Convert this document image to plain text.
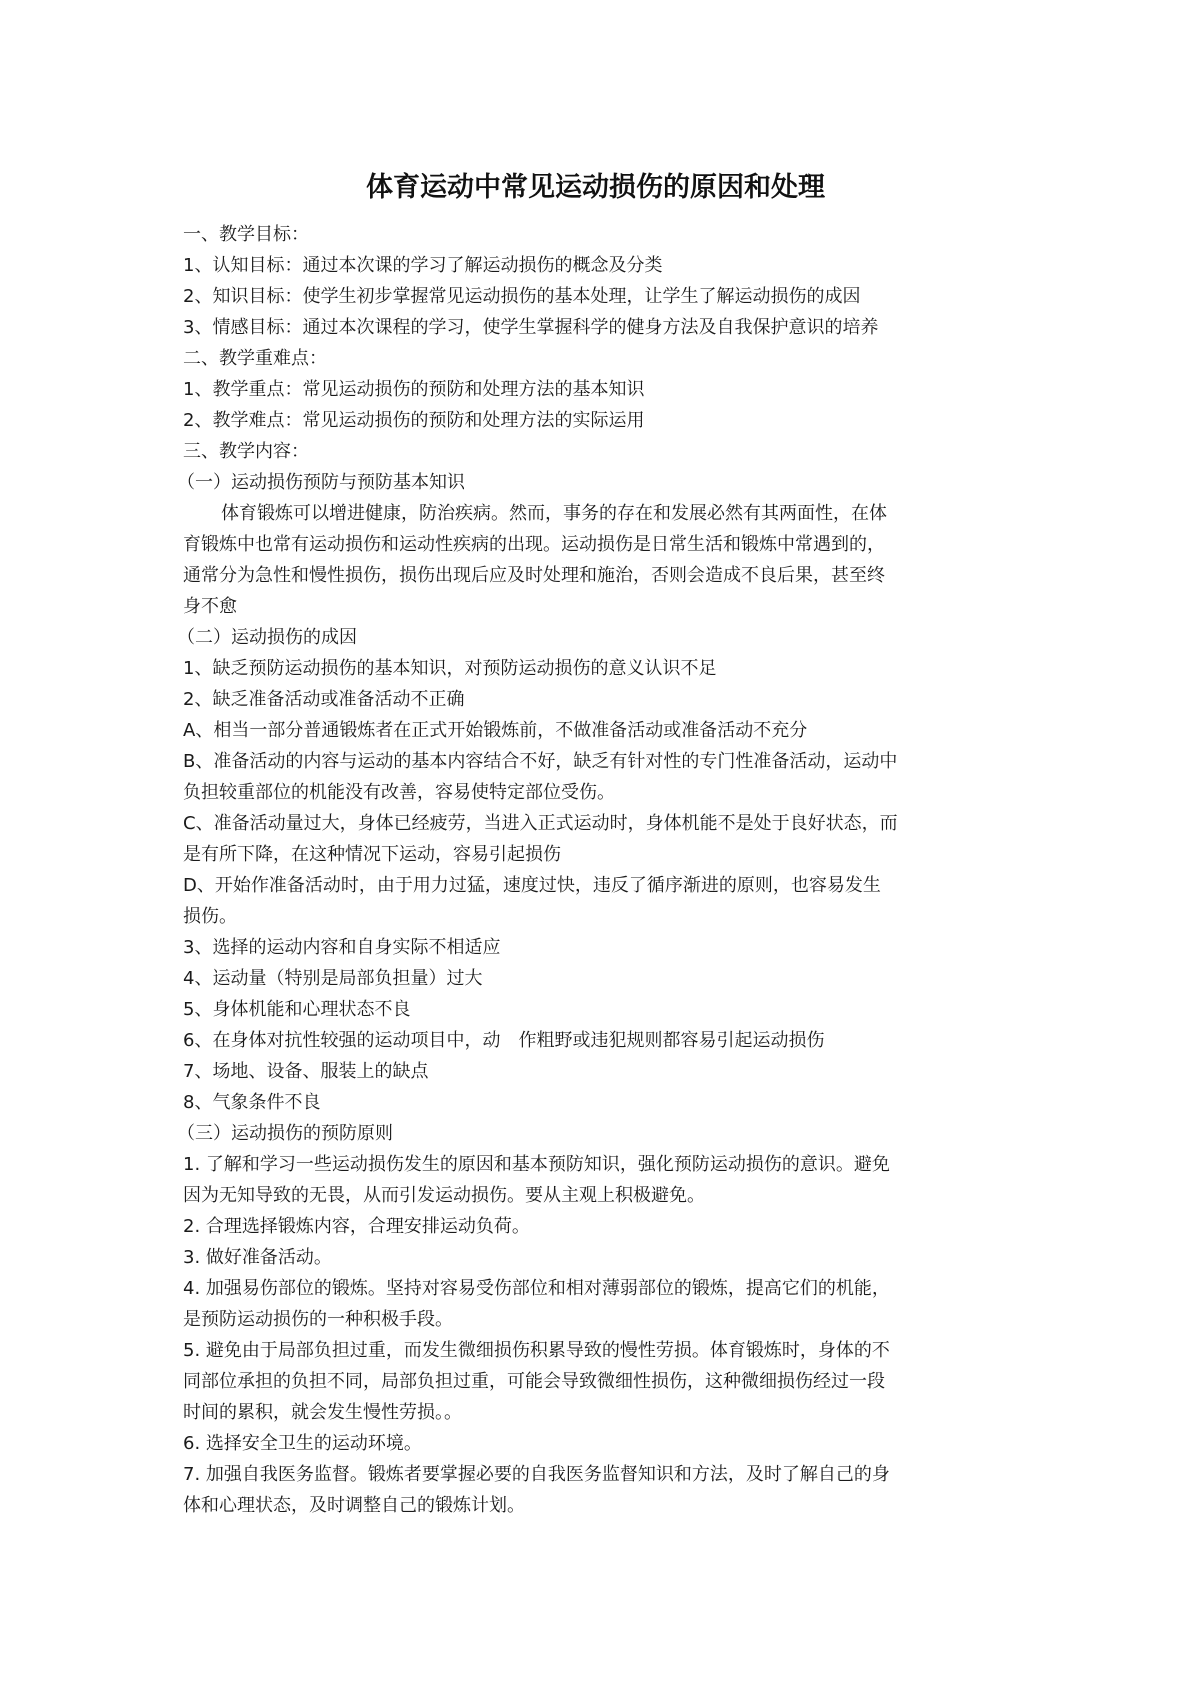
体育运动中常见运动损伤的原因和处理

一、教学目标：

1、认知目标：通过本次课的学习了解运动损伤的概念及分类

2、知识目标：使学生初步掌握常见运动损伤的基本处理，让学生了解运动损伤的成因

3、情感目标：通过本次课程的学习，使学生掌握科学的健身方法及自我保护意识的培养

二、教学重难点：

1、教学重点：常见运动损伤的预防和处理方法的基本知识

2、教学难点：常见运动损伤的预防和处理方法的实际运用

三、教学内容：

（一）运动损伤预防与预防基本知识

体育锻炼可以增进健康，防治疾病。然而，事务的存在和发展必然有其两面性，在体

育锻炼中也常有运动损伤和运动性疾病的出现。运动损伤是日常生活和锻炼中常遇到的，

通常分为急性和慢性损伤，损伤出现后应及时处理和施治，否则会造成不良后果，甚至终

身不愈

（二）运动损伤的成因

1、缺乏预防运动损伤的基本知识，对预防运动损伤的意义认识不足

2、缺乏准备活动或准备活动不正确

A、相当一部分普通锻炼者在正式开始锻炼前，不做准备活动或准备活动不充分

B、准备活动的内容与运动的基本内容结合不好，缺乏有针对性的专门性准备活动，运动中

负担较重部位的机能没有改善，容易使特定部位受伤。

C、准备活动量过大，身体已经疲劳，当进入正式运动时，身体机能不是处于良好状态，而

是有所下降，在这种情况下运动，容易引起损伤

D、开始作准备活动时，由于用力过猛，速度过快，违反了循序渐进的原则，也容易发生

损伤。

3、选择的运动内容和自身实际不相适应

4、运动量（特别是局部负担量）过大

5、身体机能和心理状态不良

6、在身体对抗性较强的运动项目中，动　作粗野或违犯规则都容易引起运动损伤

7、场地、设备、服装上的缺点

8、气象条件不良

（三）运动损伤的预防原则

1. 了解和学习一些运动损伤发生的原因和基本预防知识，强化预防运动损伤的意识。避免

因为无知导致的无畏，从而引发运动损伤。要从主观上积极避免。

2. 合理选择锻炼内容，合理安排运动负荷。

3. 做好准备活动。

4. 加强易伤部位的锻炼。坚持对容易受伤部位和相对薄弱部位的锻炼，提高它们的机能，

是预防运动损伤的一种积极手段。

5. 避免由于局部负担过重，而发生微细损伤积累导致的慢性劳损。体育锻炼时，身体的不

同部位承担的负担不同，局部负担过重，可能会导致微细性损伤，这种微细损伤经过一段

时间的累积，就会发生慢性劳损。。

6. 选择安全卫生的运动环境。

7. 加强自我医务监督。锻炼者要掌握必要的自我医务监督知识和方法，及时了解自己的身

体和心理状态，及时调整自己的锻炼计划。
